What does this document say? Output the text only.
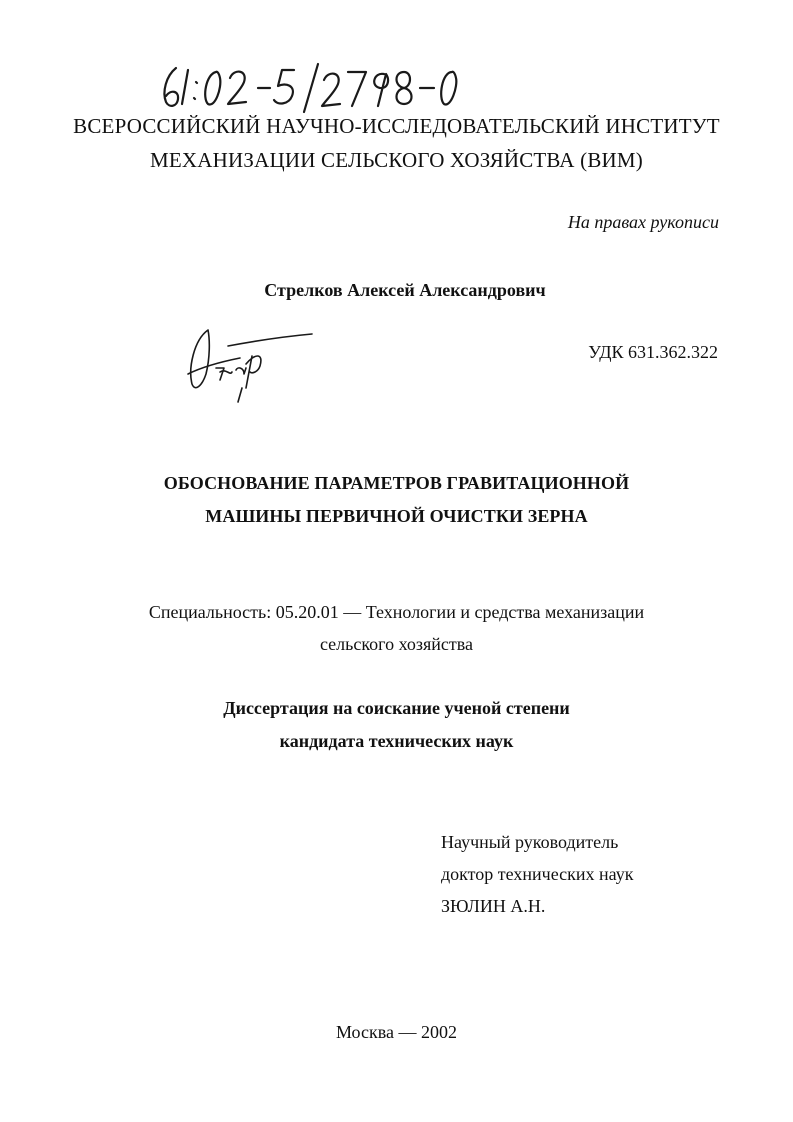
ВСЕРОССИЙСКИЙ НАУЧНО-ИССЛЕДОВАТЕЛЬСКИЙ ИНСТИТУТ
МЕХАНИЗАЦИИ СЕЛЬСКОГО ХОЗЯЙСТВА (ВИМ)
На правах рукописи
Стрелков Алексей Александрович
УДК 631.362.322
ОБОСНОВАНИЕ ПАРАМЕТРОВ ГРАВИТАЦИОННОЙ
МАШИНЫ ПЕРВИЧНОЙ ОЧИСТКИ ЗЕРНА
Специальность: 05.20.01 — Технологии и средства механизации
сельского хозяйства
Диссертация на соискание ученой степени
кандидата технических наук
Научный руководитель
доктор технических наук
ЗЮЛИН А.Н.
Москва — 2002
